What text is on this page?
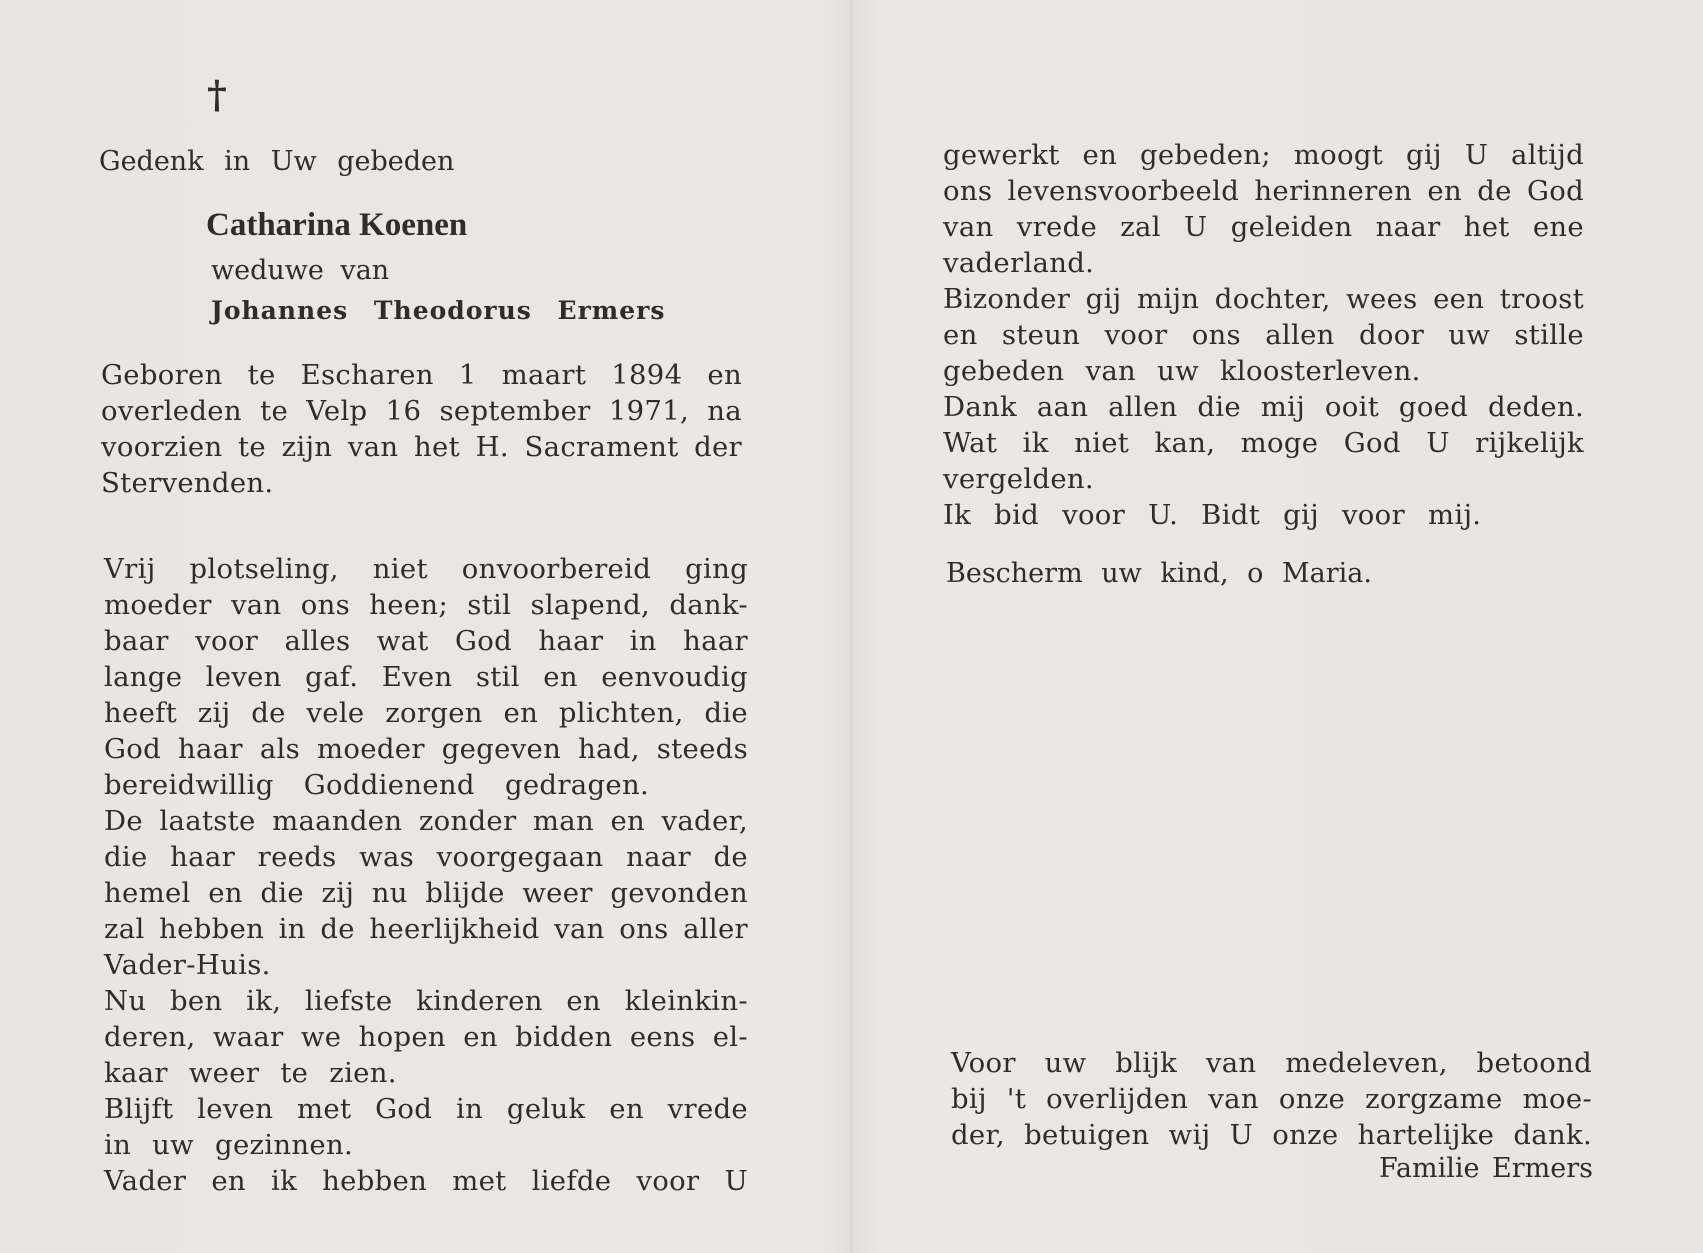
†
Gedenk in Uw gebeden
Catharina Koenen
weduwe van
Johannes Theodorus Ermers
Geboren te Escharen 1 maart 1894 en
overleden te Velp 16 september 1971, na
voorzien te zijn van het H. Sacrament der
Stervenden.
Vrij plotseling, niet onvoorbereid ging
moeder van ons heen; stil slapend, dank-
baar voor alles wat God haar in haar
lange leven gaf. Even stil en eenvoudig
heeft zij de vele zorgen en plichten, die
God haar als moeder gegeven had, steeds
bereidwillig Goddienend gedragen.
De laatste maanden zonder man en vader,
die haar reeds was voorgegaan naar de
hemel en die zij nu blijde weer gevonden
zal hebben in de heerlijkheid van ons aller
Vader-Huis.
Nu ben ik, liefste kinderen en kleinkin-
deren, waar we hopen en bidden eens el-
kaar weer te zien.
Blijft leven met God in geluk en vrede
in uw gezinnen.
Vader en ik hebben met liefde voor U
gewerkt en gebeden; moogt gij U altijd
ons levensvoorbeeld herinneren en de God
van vrede zal U geleiden naar het ene
vaderland.
Bizonder gij mijn dochter, wees een troost
en steun voor ons allen door uw stille
gebeden van uw kloosterleven.
Dank aan allen die mij ooit goed deden.
Wat ik niet kan, moge God U rijkelijk
vergelden.
Ik bid voor U. Bidt gij voor mij.
Bescherm uw kind, o Maria.
Voor uw blijk van medeleven, betoond
bij 't overlijden van onze zorgzame moe-
der, betuigen wij U onze hartelijke dank.
Familie Ermers
